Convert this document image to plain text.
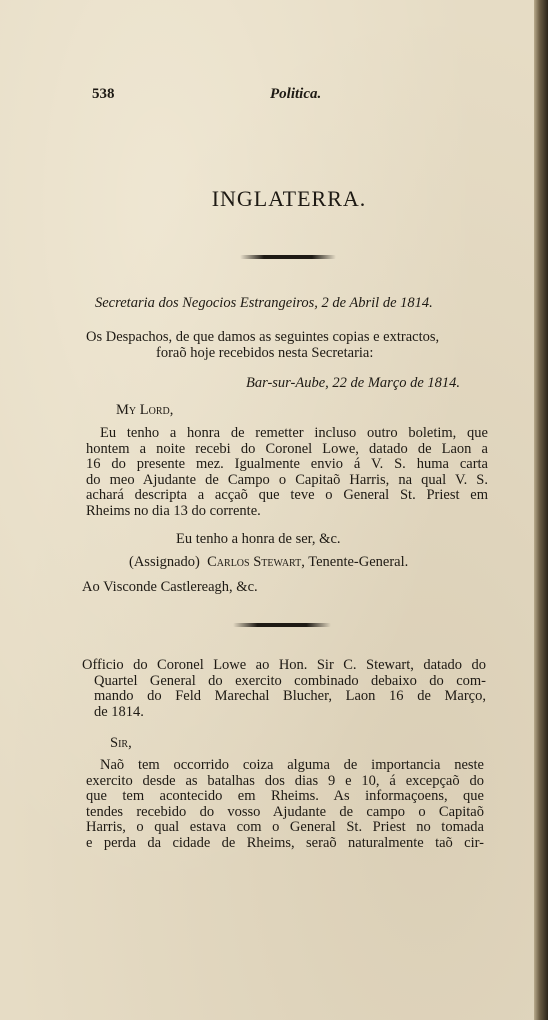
538	Politica.
INGLATERRA.
Secretaria dos Negocios Estrangeiros, 2 de Abril de 1814.
Os Despachos, de que damos as seguintes copias e extractos,
foraõ hoje recebidos nesta Secretaria:
Bar-sur-Aube, 22 de Março de 1814.
My Lord,
Eu tenho a honra de remetter incluso outro boletim, que
hontem a noite recebi do Coronel Lowe, datado de Laon a
16 do presente mez. Igualmente envio á V. S. huma carta
do meo Ajudante de Campo o Capitaõ Harris, na qual V. S.
achará descripta a acçaõ que teve o General St. Priest em
Rheims no dia 13 do corrente.
Eu tenho a honra de ser, &c.
(Assignado) Carlos Stewart, Tenente-General.
Ao Visconde Castlereagh, &c.
Officio do Coronel Lowe ao Hon. Sir C. Stewart, datado do
Quartel General do exercito combinado debaixo do com-
mando do Feld Marechal Blucher, Laon 16 de Março,
de 1814.
Sir,
Naõ tem occorrido coiza alguma de importancia neste
exercito desde as batalhas dos dias 9 e 10, á excepçaõ do
que tem acontecido em Rheims. As informaçoens, que
tendes recebido do vosso Ajudante de campo o Capitaõ
Harris, o qual estava com o General St. Priest no tomada
e perda da cidade de Rheims, seraõ naturalmente taõ cir-
